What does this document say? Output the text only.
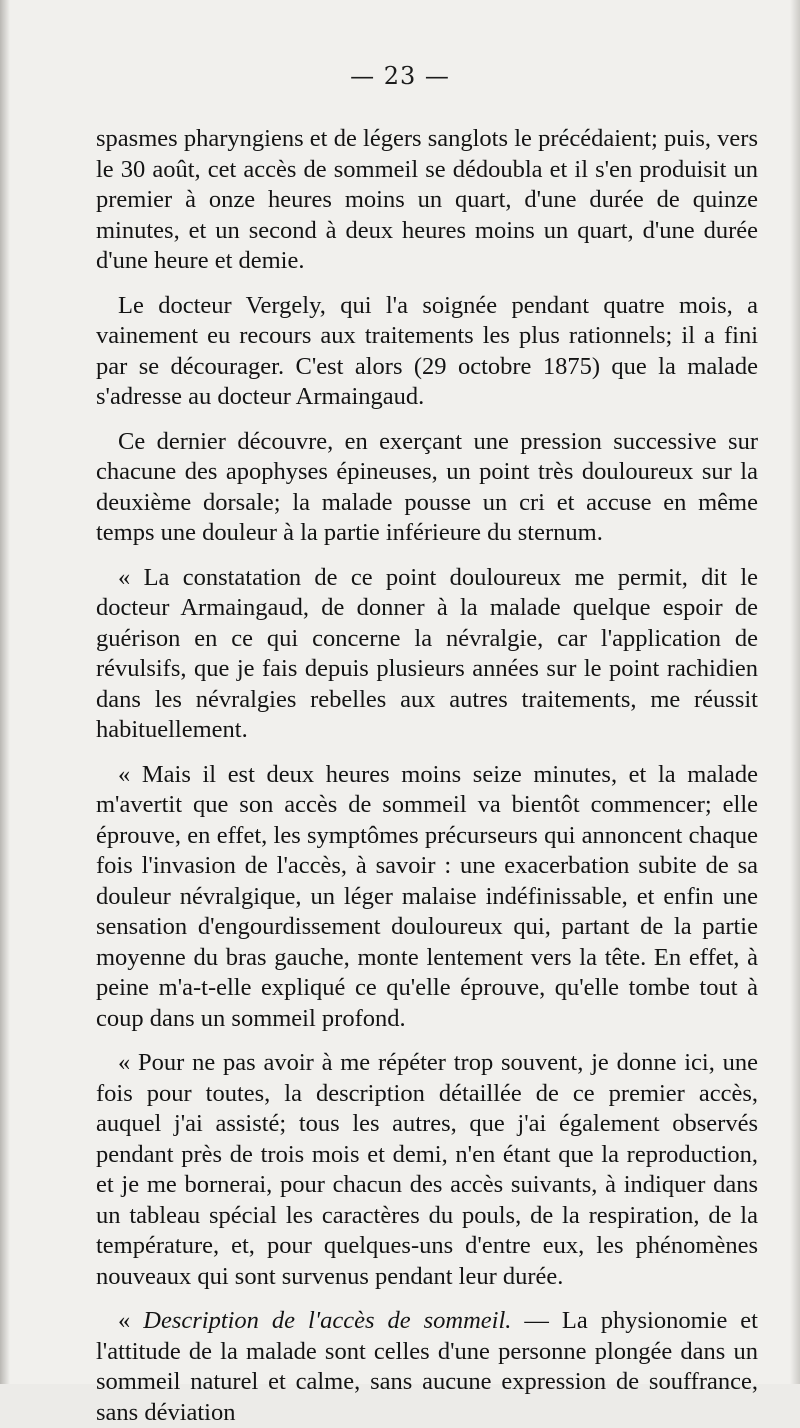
— 23 —

spasmes pharyngiens et de légers sanglots le précédaient; puis, vers le 30 août, cet accès de sommeil se dédoubla et il s'en produisit un premier à onze heures moins un quart, d'une durée de quinze minutes, et un second à deux heures moins un quart, d'une durée d'une heure et demie.

Le docteur Vergely, qui l'a soignée pendant quatre mois, a vainement eu recours aux traitements les plus rationnels; il a fini par se décourager. C'est alors (29 octobre 1875) que la malade s'adresse au docteur Armaingaud.

Ce dernier découvre, en exerçant une pression successive sur chacune des apophyses épineuses, un point très douloureux sur la deuxième dorsale; la malade pousse un cri et accuse en même temps une douleur à la partie inférieure du sternum.

« La constatation de ce point douloureux me permit, dit le docteur Armaingaud, de donner à la malade quelque espoir de guérison en ce qui concerne la névralgie, car l'application de révulsifs, que je fais depuis plusieurs années sur le point rachidien dans les névralgies rebelles aux autres traitements, me réussit habituellement.

« Mais il est deux heures moins seize minutes, et la malade m'avertit que son accès de sommeil va bientôt commencer; elle éprouve, en effet, les symptômes précurseurs qui annoncent chaque fois l'invasion de l'accès, à savoir : une exacerbation subite de sa douleur névralgique, un léger malaise indéfinissable, et enfin une sensation d'engourdissement douloureux qui, partant de la partie moyenne du bras gauche, monte lentement vers la tête. En effet, à peine m'a-t-elle expliqué ce qu'elle éprouve, qu'elle tombe tout à coup dans un sommeil profond.

« Pour ne pas avoir à me répéter trop souvent, je donne ici, une fois pour toutes, la description détaillée de ce premier accès, auquel j'ai assisté; tous les autres, que j'ai également observés pendant près de trois mois et demi, n'en étant que la reproduction, et je me bornerai, pour chacun des accès suivants, à indiquer dans un tableau spécial les caractères du pouls, de la respiration, de la température, et, pour quelques-uns d'entre eux, les phénomènes nouveaux qui sont survenus pendant leur durée.

« Description de l'accès de sommeil. — La physionomie et l'attitude de la malade sont celles d'une personne plongée dans un sommeil naturel et calme, sans aucune expression de souffrance, sans déviation
